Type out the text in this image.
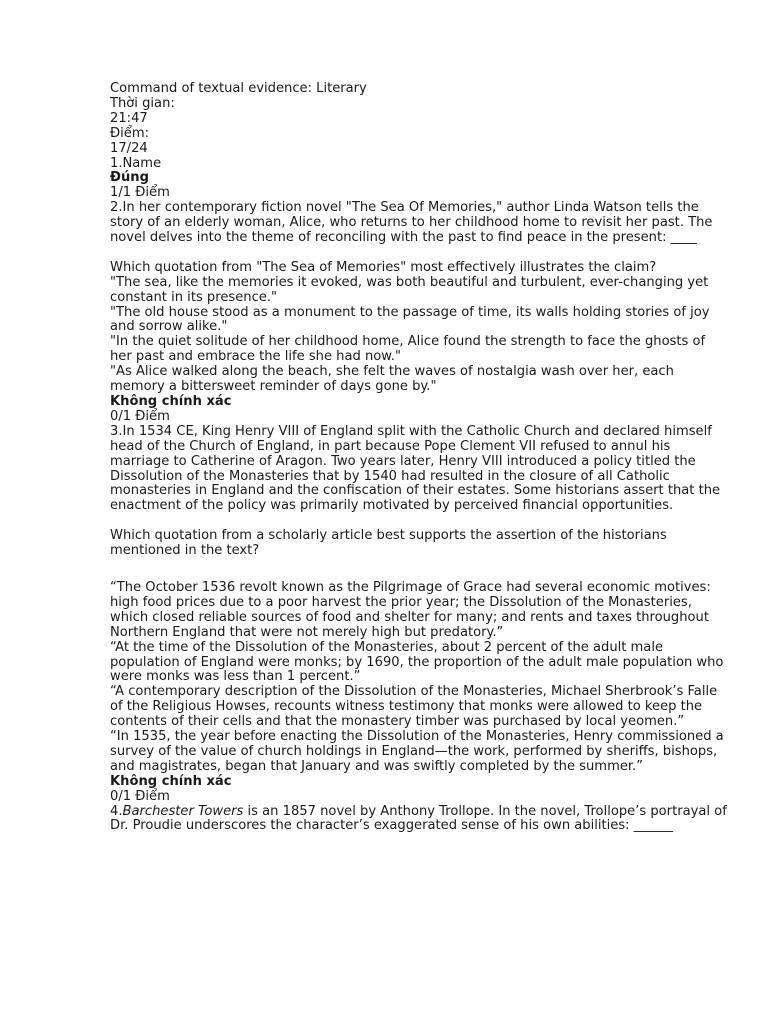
Command of textual evidence: Literary
Thời gian:
21:47
Điểm:
17/24
1.Name
Đúng
1/1 Điểm
2.In her contemporary fiction novel "The Sea Of Memories," author Linda Watson tells the story of an elderly woman, Alice, who returns to her childhood home to revisit her past. The novel delves into the theme of reconciling with the past to find peace in the present: ____
Which quotation from "The Sea of Memories" most effectively illustrates the claim?
"The sea, like the memories it evoked, was both beautiful and turbulent, ever-changing yet constant in its presence."
"The old house stood as a monument to the passage of time, its walls holding stories of joy and sorrow alike."
"In the quiet solitude of her childhood home, Alice found the strength to face the ghosts of her past and embrace the life she had now."
"As Alice walked along the beach, she felt the waves of nostalgia wash over her, each memory a bittersweet reminder of days gone by."
Không chính xác
0/1 Điểm
3.In 1534 CE, King Henry VIII of England split with the Catholic Church and declared himself head of the Church of England, in part because Pope Clement VII refused to annul his marriage to Catherine of Aragon. Two years later, Henry VIII introduced a policy titled the Dissolution of the Monasteries that by 1540 had resulted in the closure of all Catholic monasteries in England and the confiscation of their estates. Some historians assert that the enactment of the policy was primarily motivated by perceived financial opportunities.
Which quotation from a scholarly article best supports the assertion of the historians mentioned in the text?
“The October 1536 revolt known as the Pilgrimage of Grace had several economic motives: high food prices due to a poor harvest the prior year; the Dissolution of the Monasteries, which closed reliable sources of food and shelter for many; and rents and taxes throughout Northern England that were not merely high but predatory.”
“At the time of the Dissolution of the Monasteries, about 2 percent of the adult male population of England were monks; by 1690, the proportion of the adult male population who were monks was less than 1 percent.”
“A contemporary description of the Dissolution of the Monasteries, Michael Sherbrook’s Falle of the Religious Howses, recounts witness testimony that monks were allowed to keep the contents of their cells and that the monastery timber was purchased by local yeomen.”
“In 1535, the year before enacting the Dissolution of the Monasteries, Henry commissioned a survey of the value of church holdings in England—the work, performed by sheriffs, bishops, and magistrates, began that January and was swiftly completed by the summer.”
Không chính xác
0/1 Điểm
4.Barchester Towers is an 1857 novel by Anthony Trollope. In the novel, Trollope’s portrayal of Dr. Proudie underscores the character’s exaggerated sense of his own abilities: ______
